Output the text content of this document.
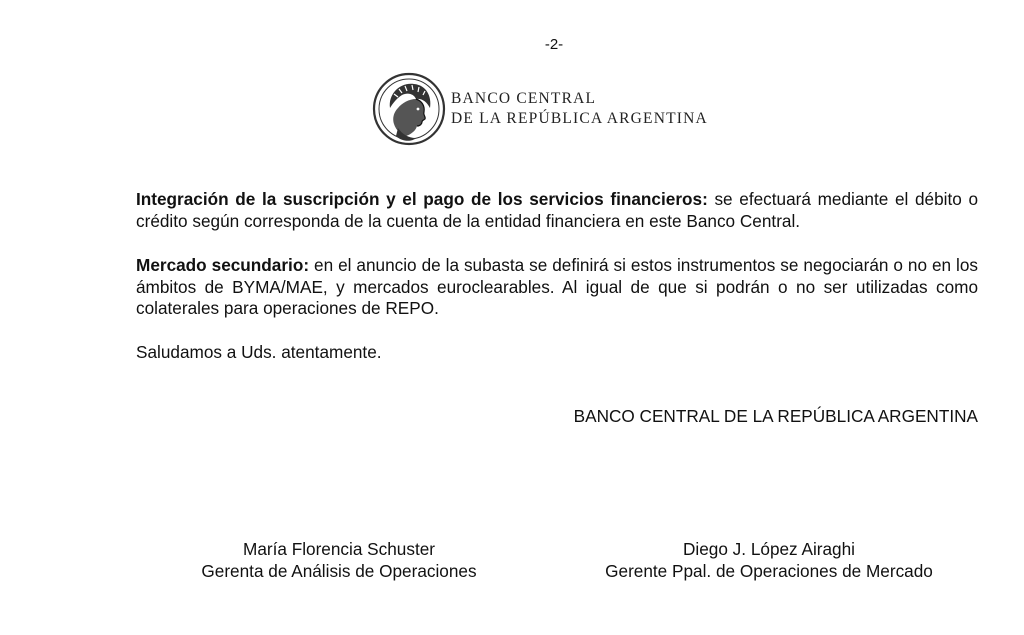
-2-
BANCO CENTRAL
DE LA REPÚBLICA ARGENTINA

Integración de la suscripción y el pago de los servicios financieros: se efectuará mediante el débito o crédito según corresponda de la cuenta de la entidad financiera en este Banco Central.

Mercado secundario: en el anuncio de la subasta se definirá si estos instrumentos se negociarán o no en los ámbitos de BYMA/MAE, y mercados euroclearables. Al igual de que si podrán o no ser utilizadas como colaterales para operaciones de REPO.

Saludamos a Uds. atentamente.

BANCO CENTRAL DE LA REPÚBLICA ARGENTINA
María Florencia Schuster
Gerenta de Análisis de Operaciones
Diego J. López Airaghi
Gerente Ppal. de Operaciones de Mercado
